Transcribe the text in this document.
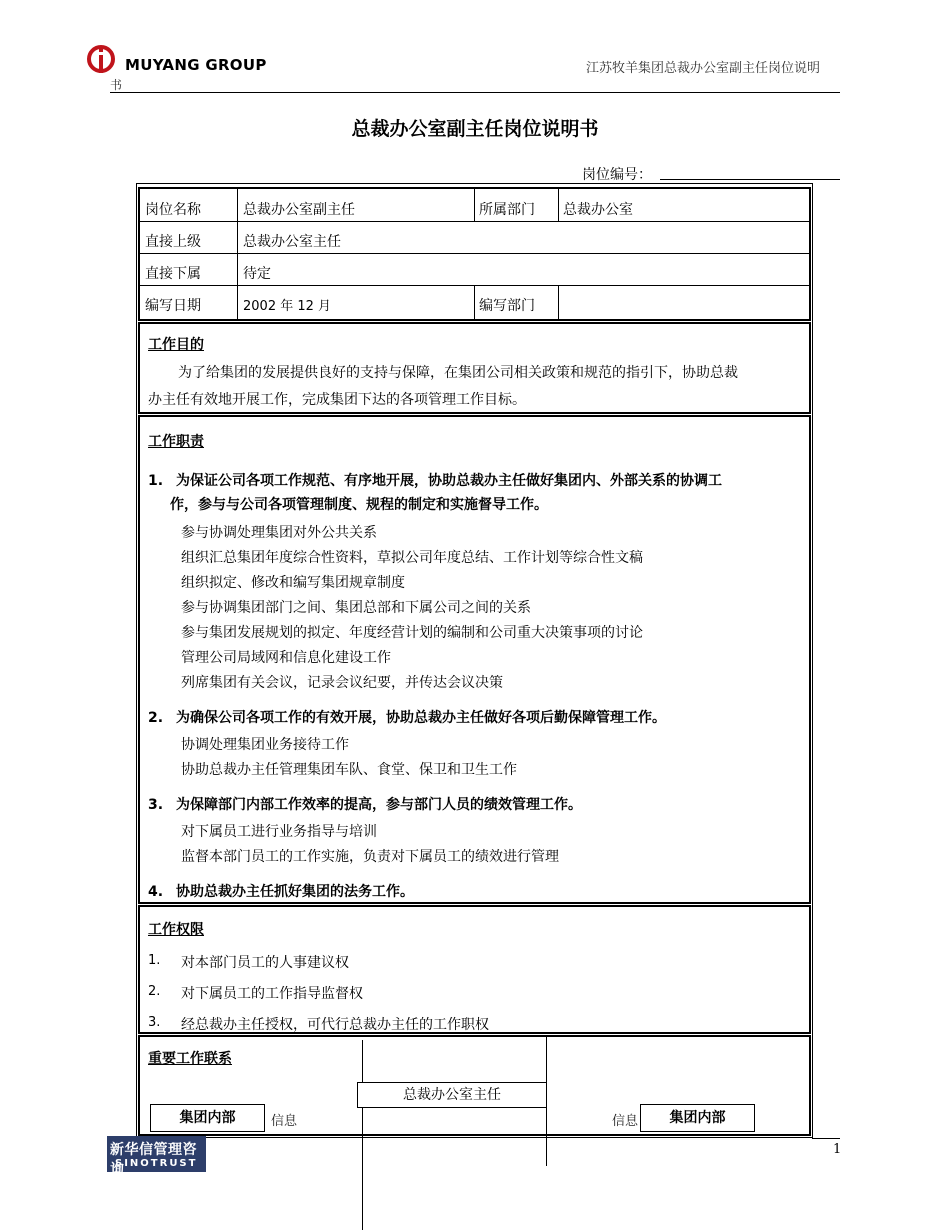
MUYANG GROUP	江苏牧羊集团总裁办公室副主任岗位说明
书
总裁办公室副主任岗位说明书
岗位编号：
岗位名称	总裁办公室副主任	所属部门 总裁办公室
直接上级	总裁办公室主任
直接下属	待定
编写日期	2002 年 12 月	编写部门
工作目的
为了给集团的发展提供良好的支持与保障，在集团公司相关政策和规范的指引下，协助总裁
办主任有效地开展工作，完成集团下达的各项管理工作目标。
工作职责
1. 为保证公司各项工作规范、有序地开展，协助总裁办主任做好集团内、外部关系的协调工
作，参与与公司各项管理制度、规程的制定和实施督导工作。
参与协调处理集团对外公共关系
组织汇总集团年度综合性资料，草拟公司年度总结、工作计划等综合性文稿
组织拟定、修改和编写集团规章制度
参与协调集团部门之间、集团总部和下属公司之间的关系
参与集团发展规划的拟定、年度经营计划的编制和公司重大决策事项的讨论
管理公司局域网和信息化建设工作
列席集团有关会议，记录会议纪要，并传达会议决策
2. 为确保公司各项工作的有效开展，协助总裁办主任做好各项后勤保障管理工作。
协调处理集团业务接待工作
协助总裁办主任管理集团车队、食堂、保卫和卫生工作
3. 为保障部门内部工作效率的提高，参与部门人员的绩效管理工作。
对下属员工进行业务指导与培训
监督本部门员工的工作实施，负责对下属员工的绩效进行管理
4. 协助总裁办主任抓好集团的法务工作。
工作权限
1. 对本部门员工的人事建议权
2. 对下属员工的工作指导监督权
3. 经总裁办主任授权，可代行总裁办主任的工作职权
重要工作联系
总裁办公室主任
集团内部	信息	信息	集团内部
新华信管理咨询
SINOTRUST
1
